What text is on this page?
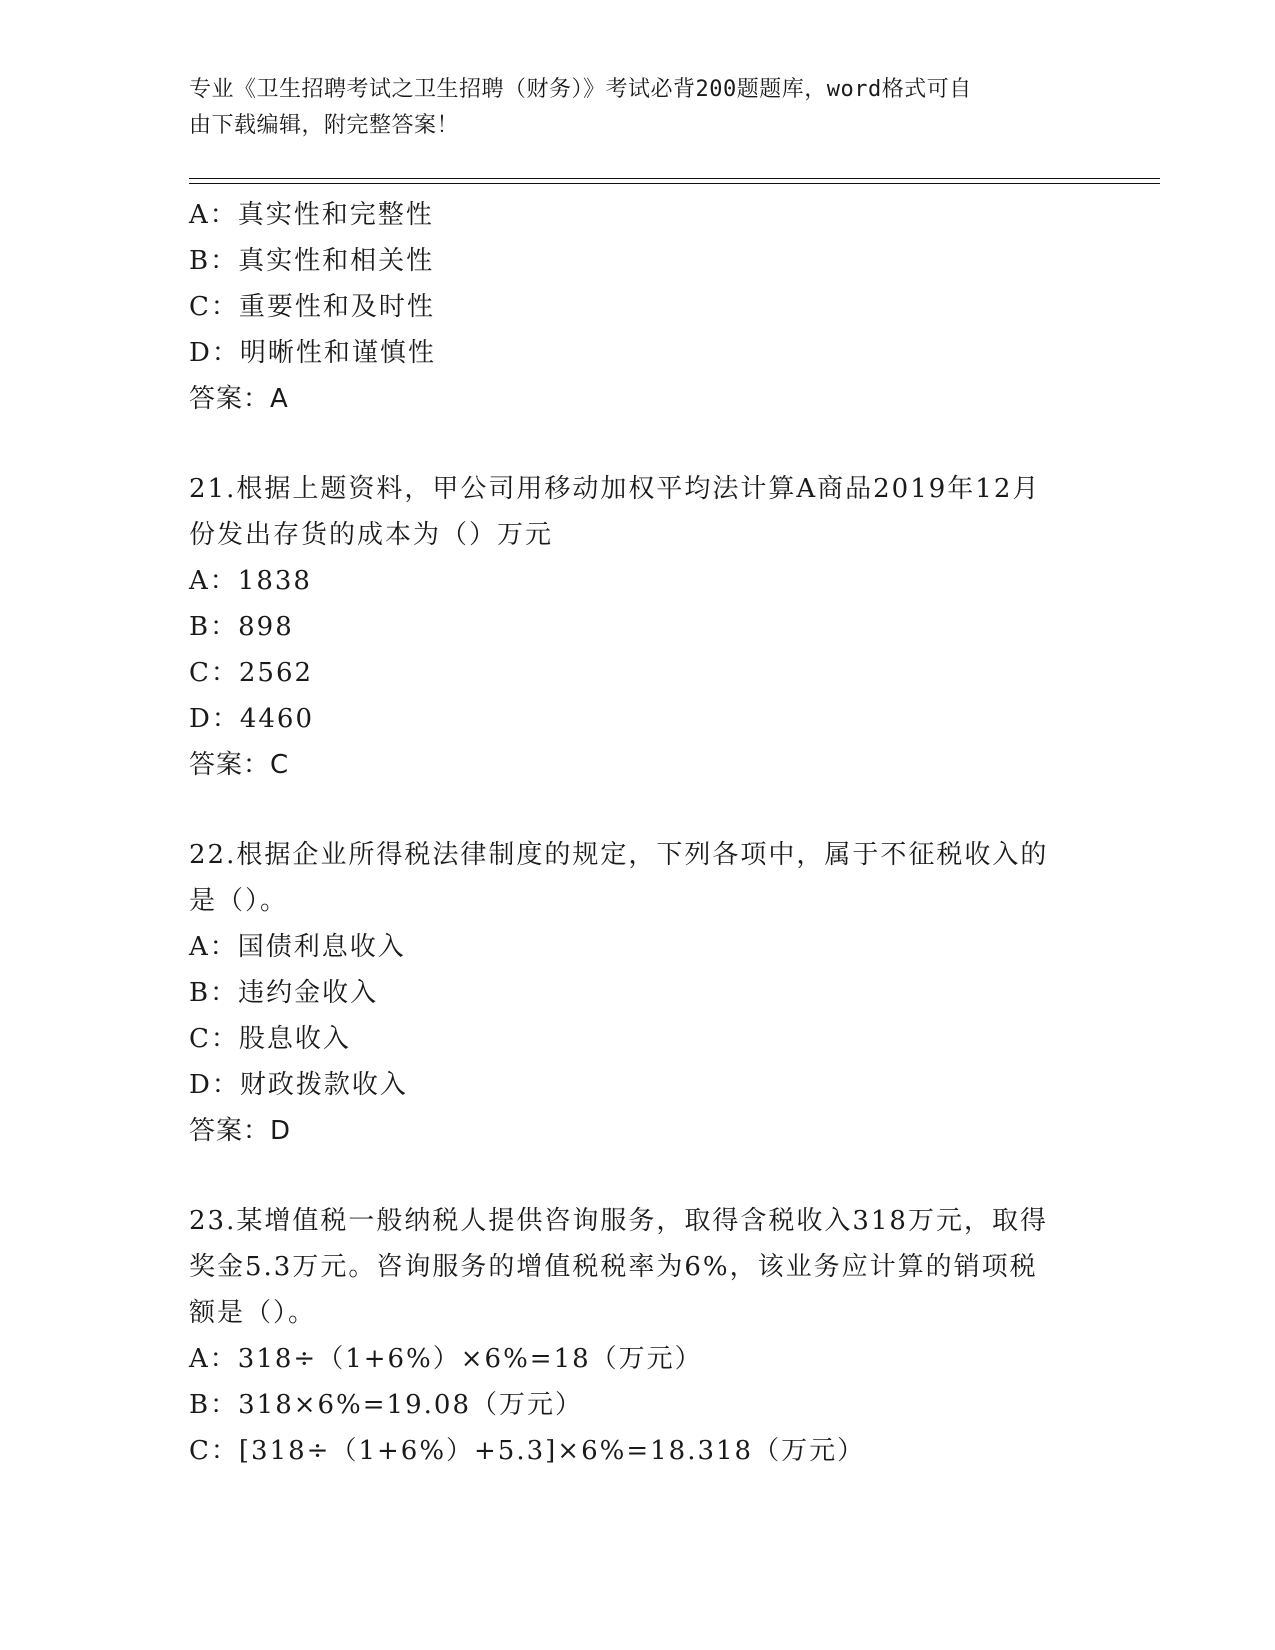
专业《卫生招聘考试之卫生招聘（财务）》考试必背200题题库，word格式可自
由下载编辑，附完整答案！
A：真实性和完整性
B：真实性和相关性
C：重要性和及时性
D：明晰性和谨慎性
答案：A
21.根据上题资料，甲公司用移动加权平均法计算A商品2019年12月
份发出存货的成本为（）万元
A：1838
B：898
C：2562
D：4460
答案：C
22.根据企业所得税法律制度的规定，下列各项中，属于不征税收入的
是（）。
A：国债利息收入
B：违约金收入
C：股息收入
D：财政拨款收入
答案：D
23.某增值税一般纳税人提供咨询服务，取得含税收入318万元，取得
奖金5.3万元。咨询服务的增值税税率为6%，该业务应计算的销项税
额是（）。
A：318÷（1+6%）×6%=18（万元）
B：318×6%=19.08（万元）
C：[318÷（1+6%）+5.3]×6%=18.318（万元）
